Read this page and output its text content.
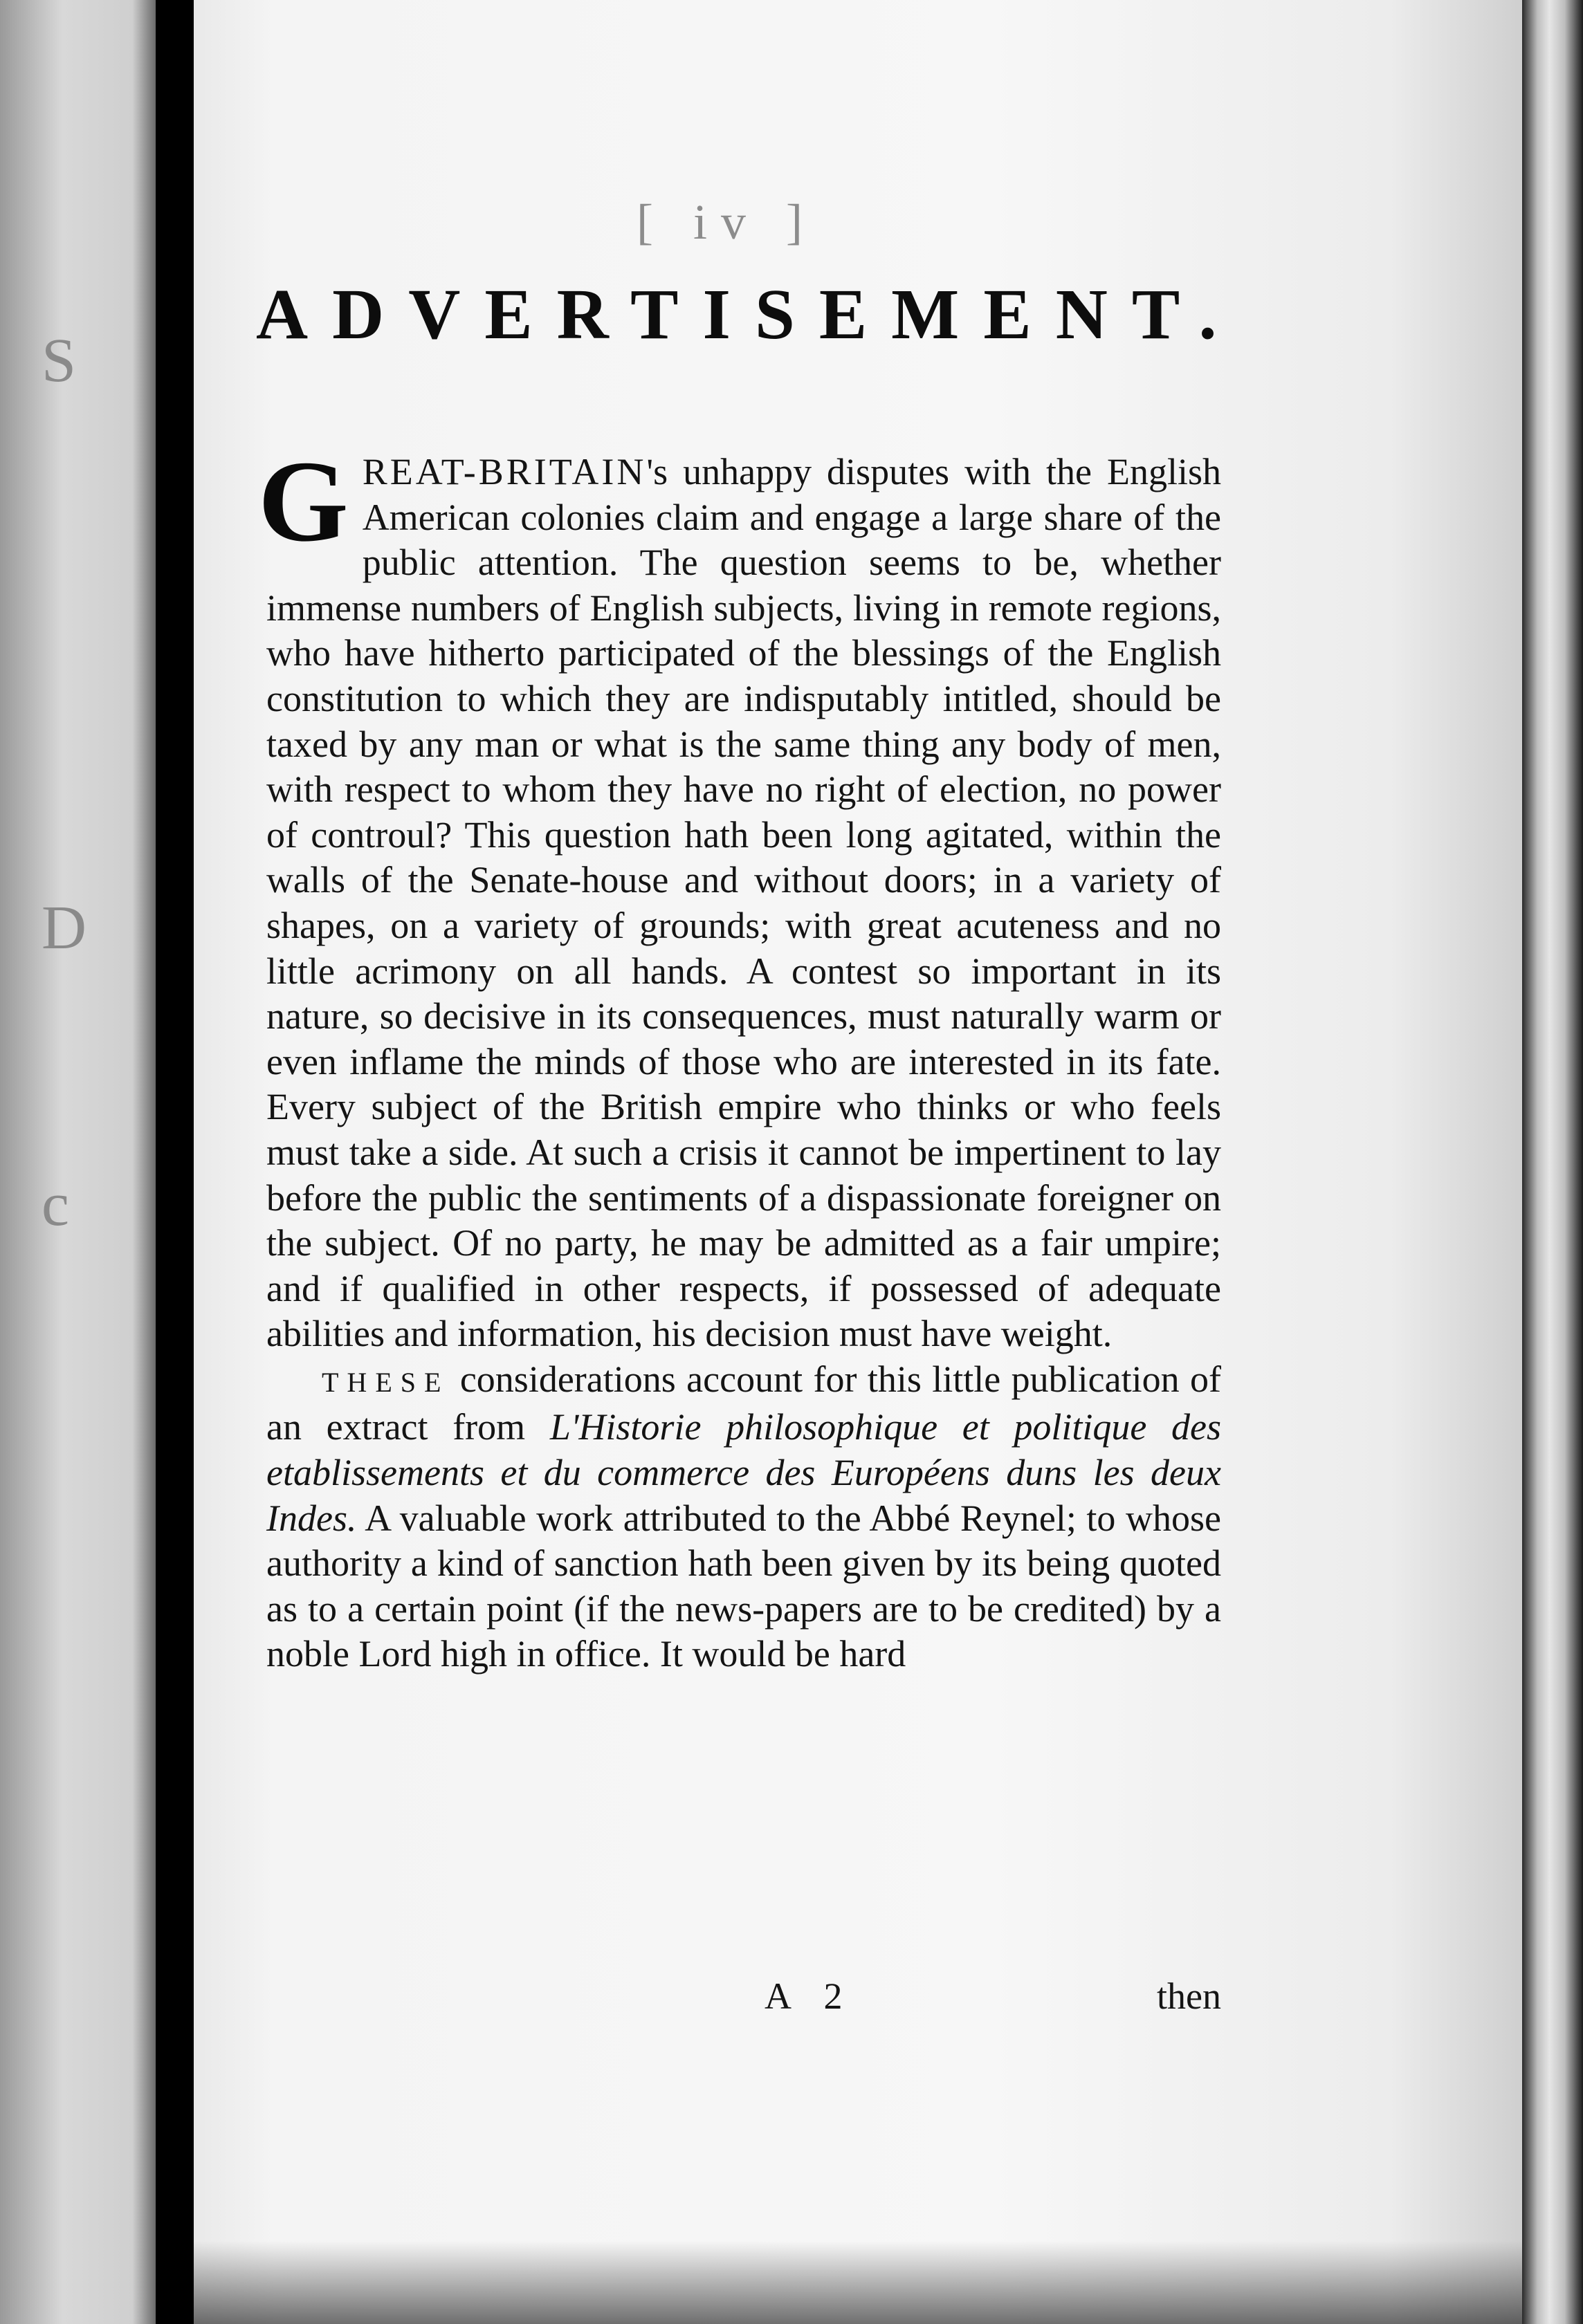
S
D
c
[ iv ]
ADVERTISEMENT.

GREAT-BRITAIN's unhappy disputes with the English American colonies claim and engage a large share of the public attention. The question seems to be, whether immense numbers of English subjects, living in remote regions, who have hitherto participated of the blessings of the English constitution to which they are indisputably intitled, should be taxed by any man or what is the same thing any body of men, with respect to whom they have no right of election, no power of controul? This question hath been long agitated, within the walls of the Senate-house and without doors; in a variety of shapes, on a variety of grounds; with great acuteness and no little acrimony on all hands. A contest so important in its nature, so decisive in its consequences, must naturally warm or even inflame the minds of those who are interested in its fate. Every subject of the British empire who thinks or who feels must take a side. At such a crisis it cannot be impertinent to lay before the public the sentiments of a dispassionate foreigner on the subject. Of no party, he may be admitted as a fair umpire; and if qualified in other respects, if possessed of adequate abilities and information, his decision must have weight.

THESE considerations account for this little publication of an extract from L'Historie philosophique et politique des etablissements et du commerce des Européens duns les deux Indes. A valuable work attributed to the Abbé Reynel; to whose authority a kind of sanction hath been given by its being quoted as to a certain point (if the news-papers are to be credited) by a noble Lord high in office. It would be hard

A 2	then
